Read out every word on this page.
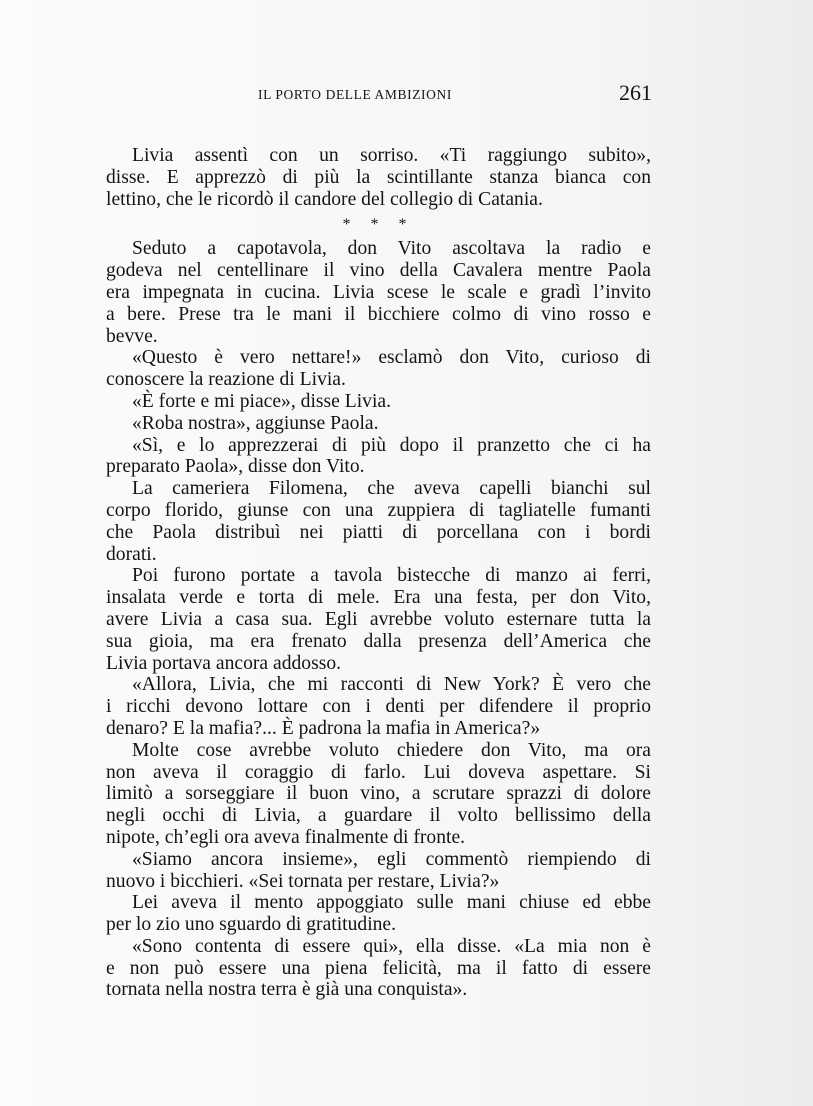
IL PORTO DELLE AMBIZIONI	261
Livia assentì con un sorriso. «Ti raggiungo subito»,
disse. E apprezzò di più la scintillante stanza bianca con
lettino, che le ricordò il candore del collegio di Catania.
* * *
Seduto a capotavola, don Vito ascoltava la radio e
godeva nel centellinare il vino della Cavalera mentre Paola
era impegnata in cucina. Livia scese le scale e gradì l’invito
a bere. Prese tra le mani il bicchiere colmo di vino rosso e
bevve.
«Questo è vero nettare!» esclamò don Vito, curioso di
conoscere la reazione di Livia.
«È forte e mi piace», disse Livia.
«Roba nostra», aggiunse Paola.
«Sì, e lo apprezzerai di più dopo il pranzetto che ci ha
preparato Paola», disse don Vito.
La cameriera Filomena, che aveva capelli bianchi sul
corpo florido, giunse con una zuppiera di tagliatelle fumanti
che Paola distribuì nei piatti di porcellana con i bordi
dorati.
Poi furono portate a tavola bistecche di manzo ai ferri,
insalata verde e torta di mele. Era una festa, per don Vito,
avere Livia a casa sua. Egli avrebbe voluto esternare tutta la
sua gioia, ma era frenato dalla presenza dell’America che
Livia portava ancora addosso.
«Allora, Livia, che mi racconti di New York? È vero che
i ricchi devono lottare con i denti per difendere il proprio
denaro? E la mafia?... È padrona la mafia in America?»
Molte cose avrebbe voluto chiedere don Vito, ma ora
non aveva il coraggio di farlo. Lui doveva aspettare. Si
limitò a sorseggiare il buon vino, a scrutare sprazzi di dolore
negli occhi di Livia, a guardare il volto bellissimo della
nipote, ch’egli ora aveva finalmente di fronte.
«Siamo ancora insieme», egli commentò riempiendo di
nuovo i bicchieri. «Sei tornata per restare, Livia?»
Lei aveva il mento appoggiato sulle mani chiuse ed ebbe
per lo zio uno sguardo di gratitudine.
«Sono contenta di essere qui», ella disse. «La mia non è
e non può essere una piena felicità, ma il fatto di essere
tornata nella nostra terra è già una conquista».
